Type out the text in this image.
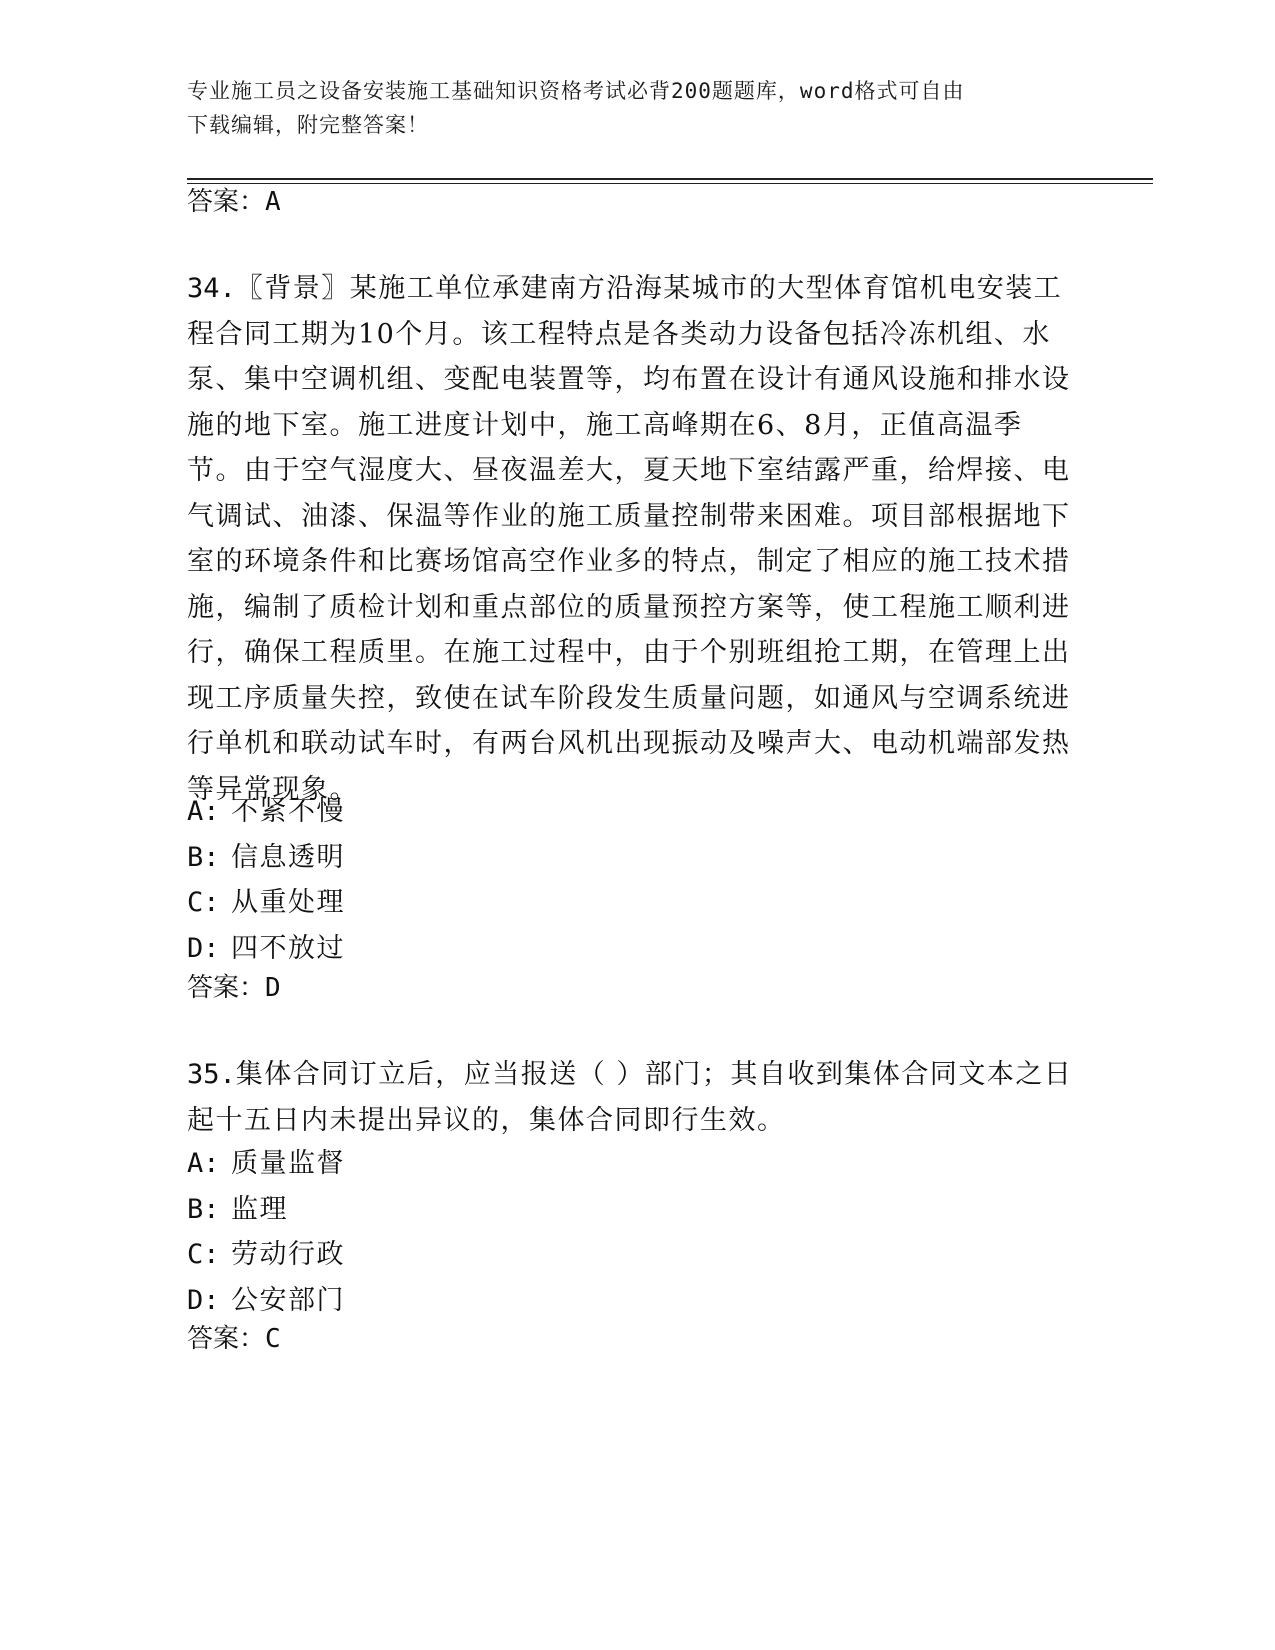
专业施工员之设备安装施工基础知识资格考试必背200题题库，word格式可自由
下载编辑，附完整答案！
答案：A
34.〖背景〗某施工单位承建南方沿海某城市的大型体育馆机电安装工程合同工期为10个月。该工程特点是各类动力设备包括冷冻机组、水泵、集中空调机组、变配电装置等，均布置在设计有通风设施和排水设施的地下室。施工进度计划中，施工高峰期在6、8月，正值高温季节。由于空气湿度大、昼夜温差大，夏天地下室结露严重，给焊接、电气调试、油漆、保温等作业的施工质量控制带来困难。项目部根据地下室的环境条件和比赛场馆高空作业多的特点，制定了相应的施工技术措施，编制了质检计划和重点部位的质量预控方案等，使工程施工顺利进行，确保工程质里。在施工过程中，由于个别班组抢工期，在管理上出现工序质量失控，致使在试车阶段发生质量问题，如通风与空调系统进行单机和联动试车时，有两台风机出现振动及噪声大、电动机端部发热等异常现象。
A: 不紧不慢
B: 信息透明
C: 从重处理
D: 四不放过
答案：D
35.集体合同订立后，应当报送（ ）部门；其自收到集体合同文本之日起十五日内未提出异议的，集体合同即行生效。
A: 质量监督
B: 监理
C: 劳动行政
D: 公安部门
答案：C
